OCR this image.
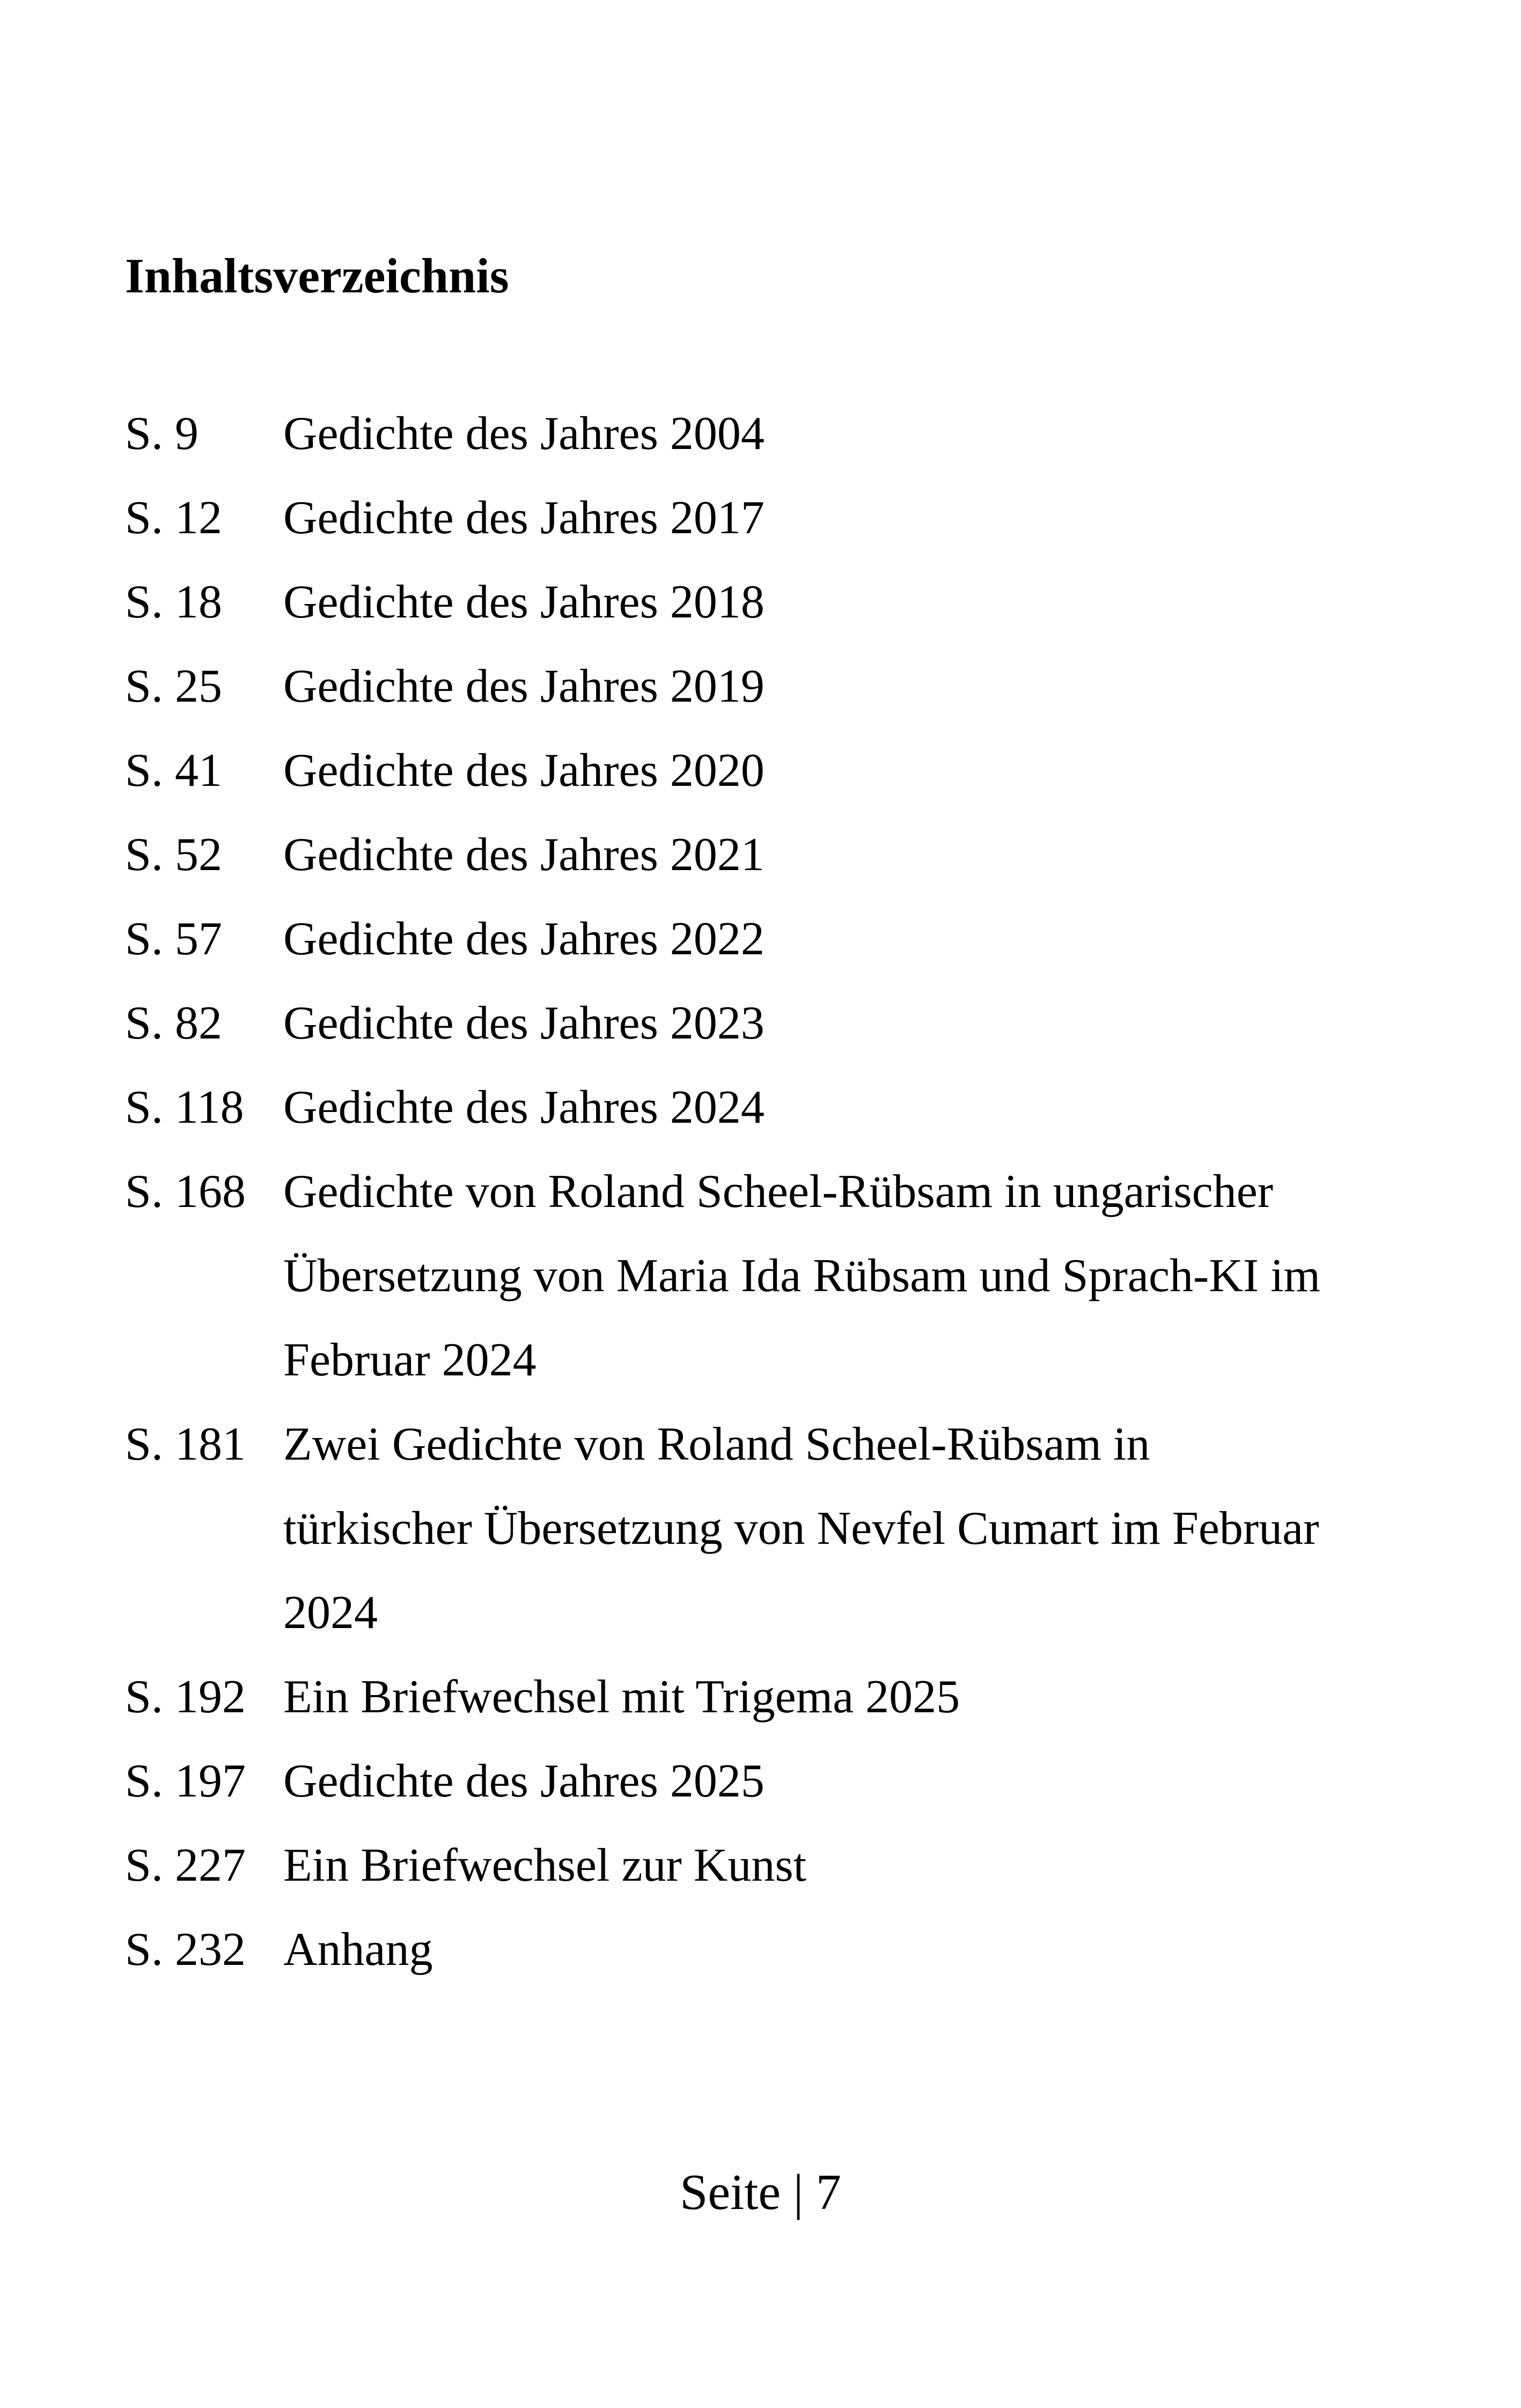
Inhaltsverzeichnis
S. 9	Gedichte des Jahres 2004
S. 12	Gedichte des Jahres 2017
S. 18	Gedichte des Jahres 2018
S. 25	Gedichte des Jahres 2019
S. 41	Gedichte des Jahres 2020
S. 52	Gedichte des Jahres 2021
S. 57	Gedichte des Jahres 2022
S. 82	Gedichte des Jahres 2023
S. 118 Gedichte des Jahres 2024
S. 168 Gedichte von Roland Scheel-Rübsam in ungarischer
Übersetzung von Maria Ida Rübsam und Sprach-KI im
Februar 2024
S. 181 Zwei Gedichte von Roland Scheel-Rübsam in
türkischer Übersetzung von Nevfel Cumart im Februar
2024
S. 192 Ein Briefwechsel mit Trigema 2025
S. 197 Gedichte des Jahres 2025
S. 227 Ein Briefwechsel zur Kunst
S. 232 Anhang
Seite | 7
